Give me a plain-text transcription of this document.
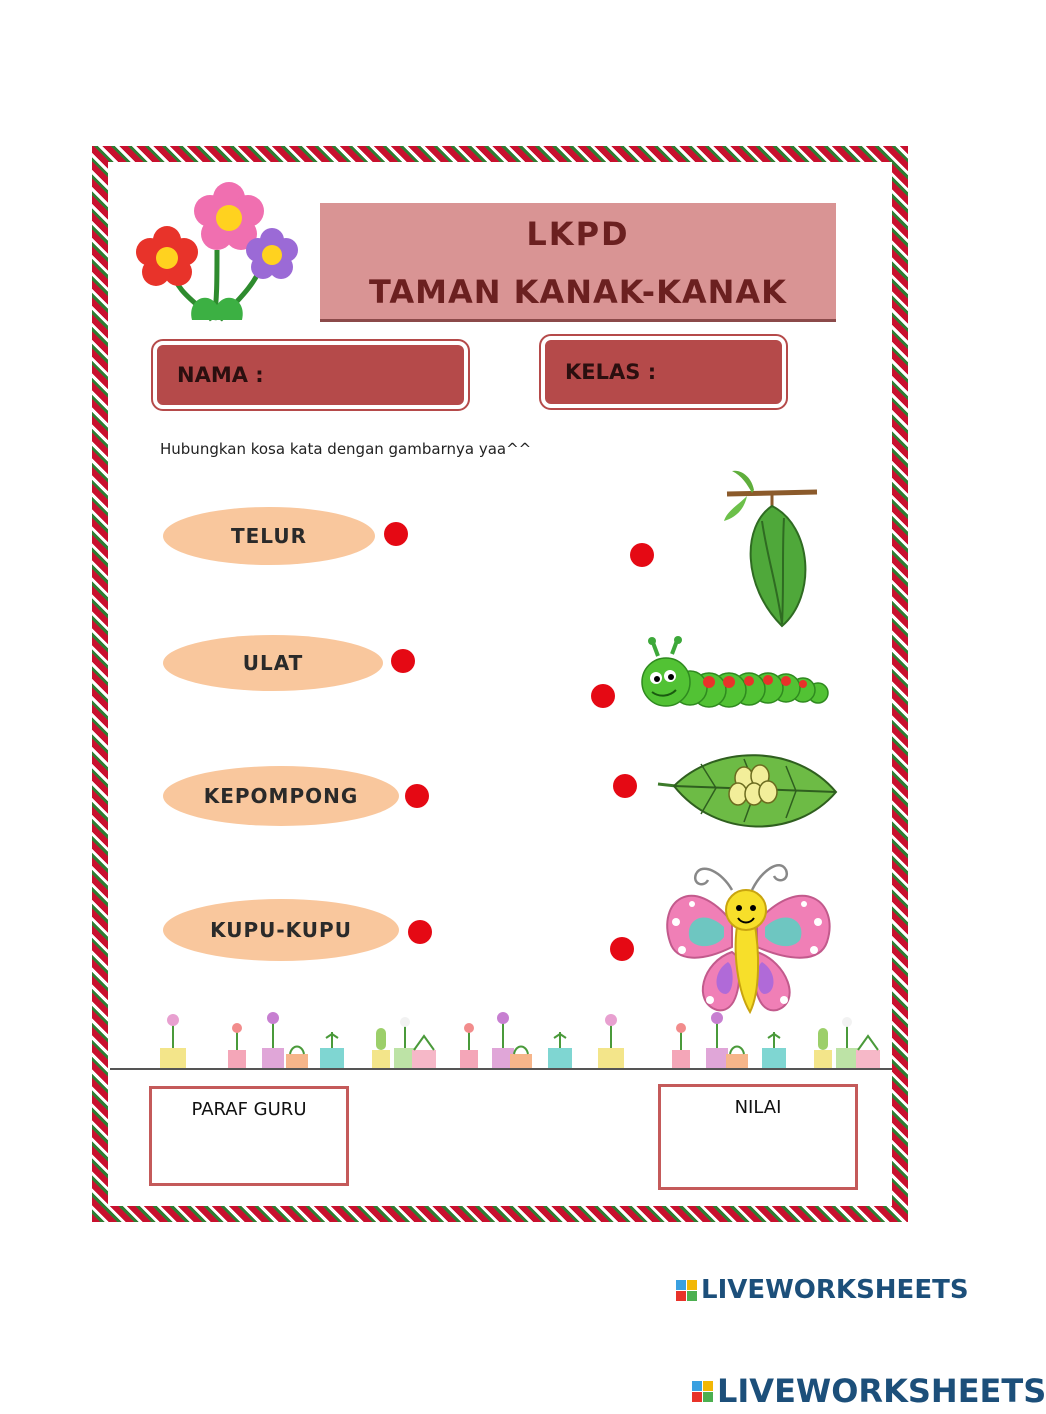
LKPD
TAMAN KANAK-KANAK
NAMA :	KELAS :
Hubungkan kosa kata dengan gambarnya yaa^^
TELUR
ULAT
KEPOMPONG
KUPU-KUPU
PARAF GURU	NILAI
LIVEWORKSHEETS
LIVEWORKSHEETS
